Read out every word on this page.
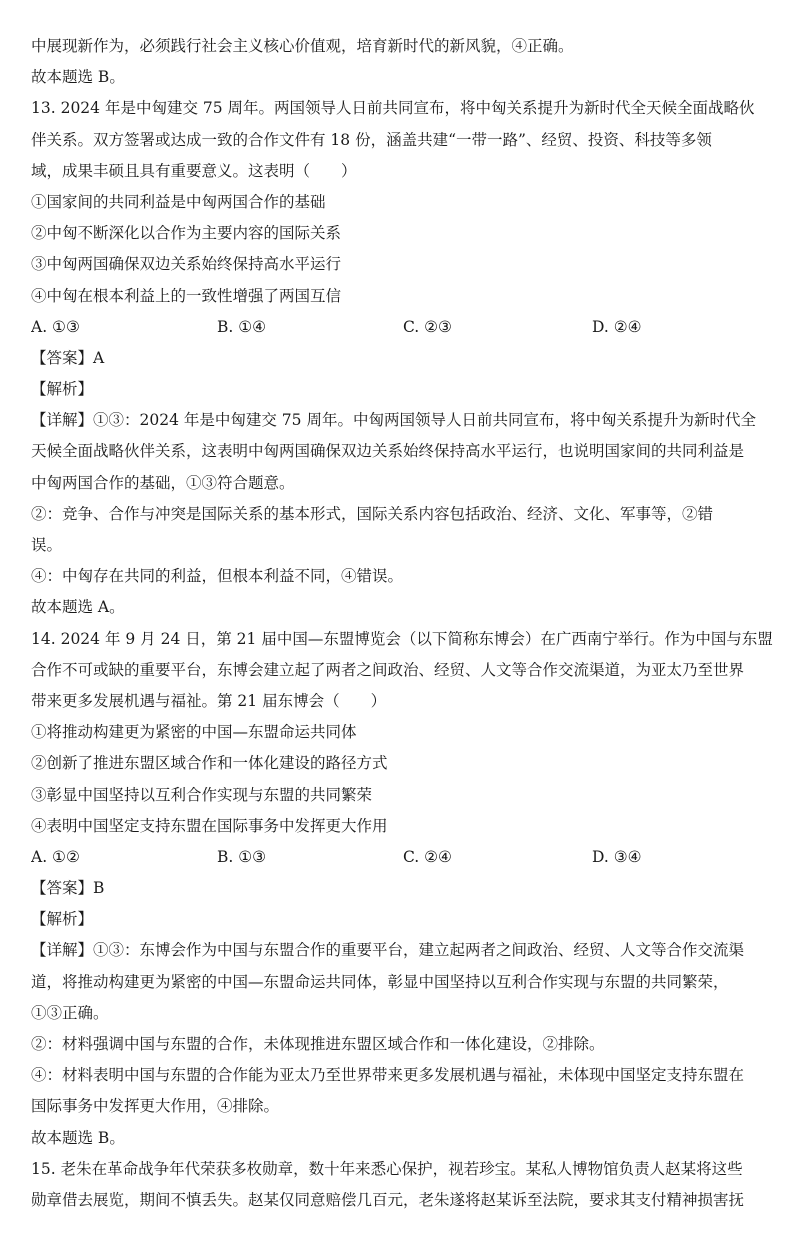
中展现新作为，必须践行社会主义核心价值观，培育新时代的新风貌，④正确。
故本题选 B。
13. 2024 年是中匈建交 75 周年。两国领导人日前共同宣布，将中匈关系提升为新时代全天候全面战略伙
伴关系。双方签署或达成一致的合作文件有 18 份，涵盖共建“一带一路”、经贸、投资、科技等多领
域，成果丰硕且具有重要意义。这表明（　　）
①国家间的共同利益是中匈两国合作的基础
②中匈不断深化以合作为主要内容的国际关系
③中匈两国确保双边关系始终保持高水平运行
④中匈在根本利益上的一致性增强了两国互信
A. ①③	B. ①④	C. ②③	D. ②④
【答案】A
【解析】
【详解】①③：2024 年是中匈建交 75 周年。中匈两国领导人日前共同宣布，将中匈关系提升为新时代全
天候全面战略伙伴关系，这表明中匈两国确保双边关系始终保持高水平运行，也说明国家间的共同利益是
中匈两国合作的基础，①③符合题意。
②：竞争、合作与冲突是国际关系的基本形式，国际关系内容包括政治、经济、文化、军事等，②错
误。
④：中匈存在共同的利益，但根本利益不同，④错误。
故本题选 A。
14. 2024 年 9 月 24 日，第 21 届中国—东盟博览会（以下简称东博会）在广西南宁举行。作为中国与东盟
合作不可或缺的重要平台，东博会建立起了两者之间政治、经贸、人文等合作交流渠道，为亚太乃至世界
带来更多发展机遇与福祉。第 21 届东博会（　　）
①将推动构建更为紧密的中国—东盟命运共同体
②创新了推进东盟区域合作和一体化建设的路径方式
③彰显中国坚持以互利合作实现与东盟的共同繁荣
④表明中国坚定支持东盟在国际事务中发挥更大作用
A. ①②	B. ①③	C. ②④	D. ③④
【答案】B
【解析】
【详解】①③：东博会作为中国与东盟合作的重要平台，建立起两者之间政治、经贸、人文等合作交流渠
道，将推动构建更为紧密的中国—东盟命运共同体，彰显中国坚持以互利合作实现与东盟的共同繁荣，
①③正确。
②：材料强调中国与东盟的合作，未体现推进东盟区域合作和一体化建设，②排除。
④：材料表明中国与东盟的合作能为亚太乃至世界带来更多发展机遇与福祉，未体现中国坚定支持东盟在
国际事务中发挥更大作用，④排除。
故本题选 B。
15. 老朱在革命战争年代荣获多枚勋章，数十年来悉心保护，视若珍宝。某私人博物馆负责人赵某将这些
勋章借去展览，期间不慎丢失。赵某仅同意赔偿几百元，老朱遂将赵某诉至法院，要求其支付精神损害抚
